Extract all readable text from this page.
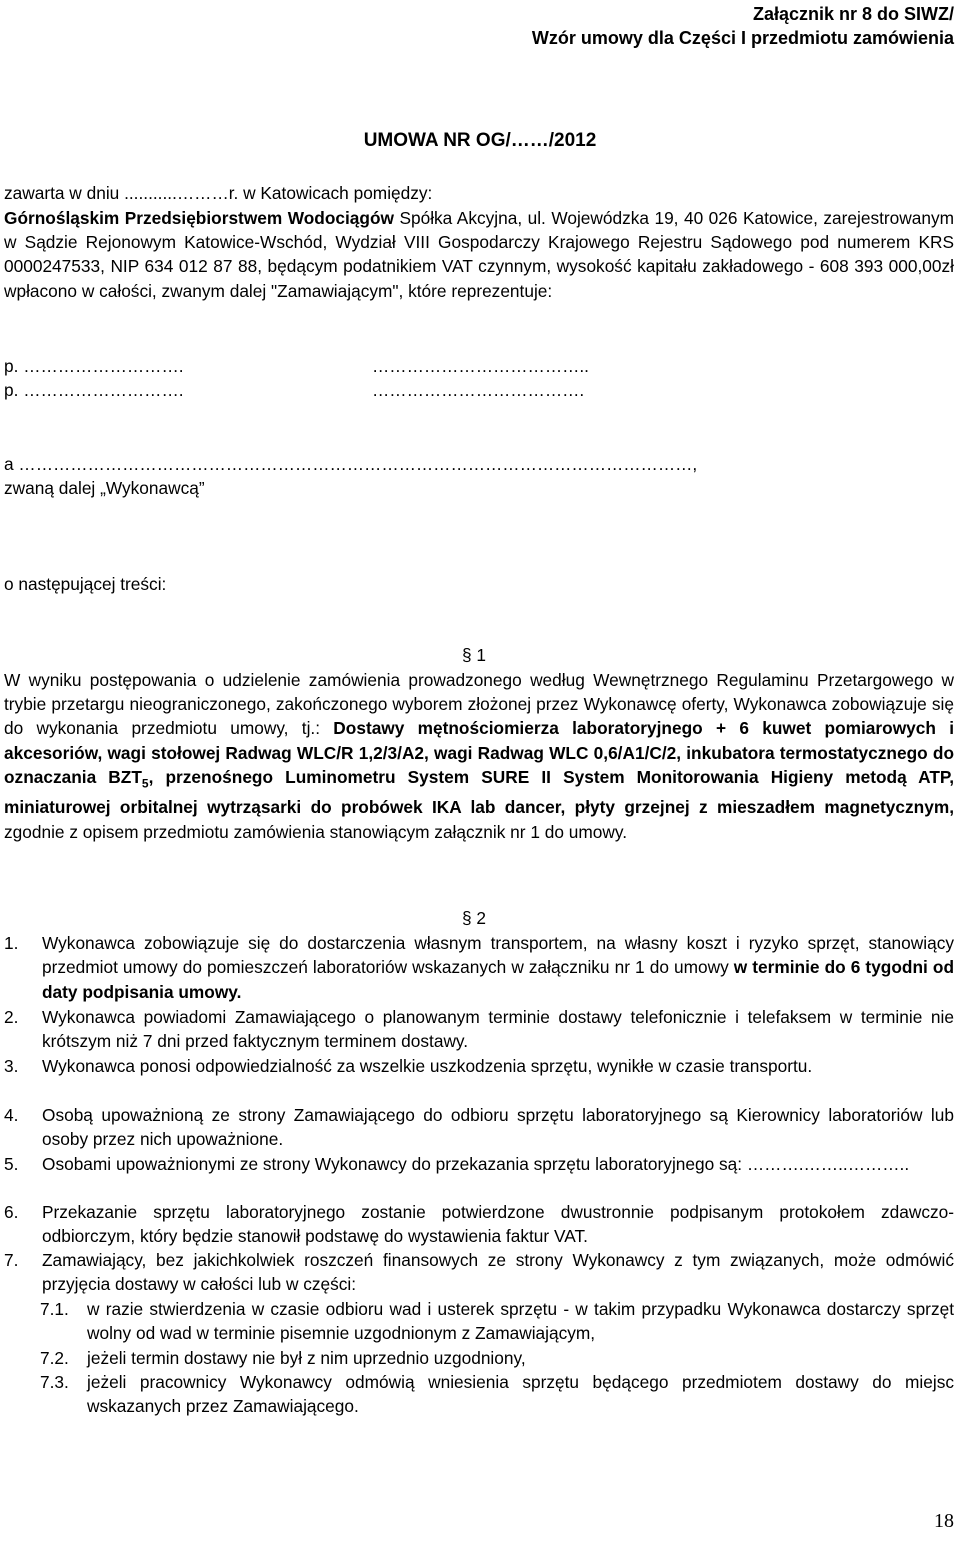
Załącznik nr 8 do SIWZ/
Wzór umowy dla Części I przedmiotu zamówienia
UMOWA NR OG/……/2012
zawarta w dniu ...........………r. w Katowicach pomiędzy:
Górnośląskim Przedsiębiorstwem Wodociągów Spółka Akcyjna, ul. Wojewódzka 19, 40 026 Katowice, zarejestrowanym w Sądzie Rejonowym Katowice-Wschód, Wydział VIII Gospodarczy Krajowego Rejestru Sądowego pod numerem KRS 0000247533, NIP 634 012 87 88, będącym podatnikiem VAT czynnym, wysokość kapitału zakładowego - 608 393 000,00zł wpłacono w całości, zwanym dalej "Zamawiającym", które reprezentuje:
p. ……………………….	………………………………..
p. ……………………….	……………………………….
a ………………………………………………………………………………………………………,
zwaną dalej „Wykonawcą”
o następującej treści:
§ 1
W wyniku postępowania o udzielenie zamówienia prowadzonego według Wewnętrznego Regulaminu Przetargowego w trybie przetargu nieograniczonego, zakończonego wyborem złożonej przez Wykonawcę oferty, Wykonawca zobowiązuje się do wykonania przedmiotu umowy, tj.: Dostawy mętnościomierza laboratoryjnego + 6 kuwet pomiarowych i akcesoriów, wagi stołowej Radwag WLC/R 1,2/3/A2, wagi Radwag WLC 0,6/A1/C/2, inkubatora termostatycznego do oznaczania $BZT_5$, przenośnego Luminometru System SURE II System Monitorowania Higieny metodą ATP, miniaturowej orbitalnej wytrząsarki do probówek IKA lab dancer, płyty grzejnej z mieszadłem magnetycznym, zgodnie z opisem przedmiotu zamówienia stanowiącym załącznik nr 1 do umowy.
§ 2
1. Wykonawca zobowiązuje się do dostarczenia własnym transportem, na własny koszt i ryzyko sprzęt, stanowiący przedmiot umowy do pomieszczeń laboratoriów wskazanych w załączniku nr 1 do umowy w terminie do 6 tygodni od daty podpisania umowy.
2. Wykonawca powiadomi Zamawiającego o planowanym terminie dostawy telefonicznie i telefaksem w terminie nie krótszym niż 7 dni przed faktycznym terminem dostawy.
3. Wykonawca ponosi odpowiedzialność za wszelkie uszkodzenia sprzętu, wynikłe w czasie transportu.
4. Osobą upoważnioną ze strony Zamawiającego do odbioru sprzętu laboratoryjnego są Kierownicy laboratoriów lub osoby przez nich upoważnione.
5. Osobami upoważnionymi ze strony Wykonawcy do przekazania sprzętu laboratoryjnego są: ……….……..………..
6. Przekazanie sprzętu laboratoryjnego zostanie potwierdzone dwustronnie podpisanym protokołem zdawczo-odbiorczym, który będzie stanowił podstawę do wystawienia faktur VAT.
7. Zamawiający, bez jakichkolwiek roszczeń finansowych ze strony Wykonawcy z tym związanych, może odmówić przyjęcia dostawy w całości lub w części:
7.1. w razie stwierdzenia w czasie odbioru wad i usterek sprzętu - w takim przypadku Wykonawca dostarczy sprzęt wolny od wad w terminie pisemnie uzgodnionym z Zamawiającym,
7.2. jeżeli termin dostawy nie był z nim uprzednio uzgodniony,
7.3. jeżeli pracownicy Wykonawcy odmówią wniesienia sprzętu będącego przedmiotem dostawy do miejsc wskazanych przez Zamawiającego.
18
